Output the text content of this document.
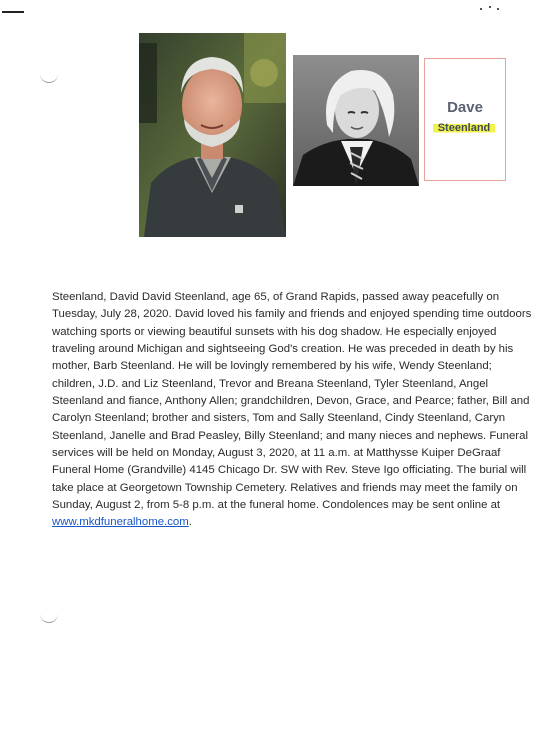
Dave
Steenland
Steenland, David David Steenland, age 65, of Grand Rapids, passed away peacefully on Tuesday, July 28, 2020. David loved his family and friends and enjoyed spending time outdoors watching sports or viewing beautiful sunsets with his dog shadow. He especially enjoyed traveling around Michigan and sightseeing God's creation. He was preceded in death by his mother, Barb Steenland. He will be lovingly remembered by his wife, Wendy Steenland; children, J.D. and Liz Steenland, Trevor and Breana Steenland, Tyler Steenland, Angel Steenland and fiance, Anthony Allen; grandchildren, Devon, Grace, and Pearce; father, Bill and Carolyn Steenland; brother and sisters, Tom and Sally Steenland, Cindy Steenland, Caryn Steenland, Janelle and Brad Peasley, Billy Steenland; and many nieces and nephews. Funeral services will be held on Monday, August 3, 2020, at 11 a.m. at Matthysse Kuiper DeGraaf Funeral Home (Grandville) 4145 Chicago Dr. SW with Rev. Steve Igo officiating. The burial will take place at Georgetown Township Cemetery. Relatives and friends may meet the family on Sunday, August 2, from 5-8 p.m. at the funeral home. Condolences may be sent online at www.mkdfuneralhome.com.
